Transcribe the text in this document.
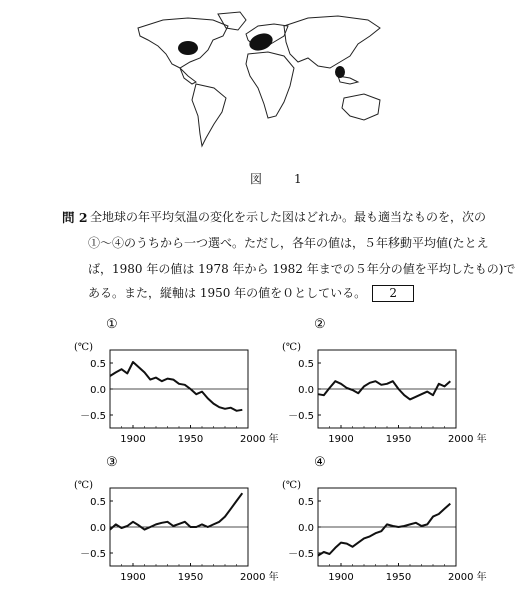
図　1
問 2 全地球の年平均気温の変化を示した図はどれか。最も適当なものを，次の
①〜④のうちから一つ選べ。ただし，各年の値は，５年移動平均値(たとえ
ば，1980 年の値は 1978 年から 1982 年までの５年分の値を平均したもの)で
ある。また，縦軸は 1950 年の値を０としている。 2
①
(℃)
0.5
0.0
－0.5
1900	1950	2000 年
②
(℃)
0.5
0.0
－0.5
1900	1950	2000 年
③
(℃)
0.5
0.0
－0.5
1900	1950	2000 年
④
(℃)
0.5
0.0
－0.5
1900	1950	2000 年
